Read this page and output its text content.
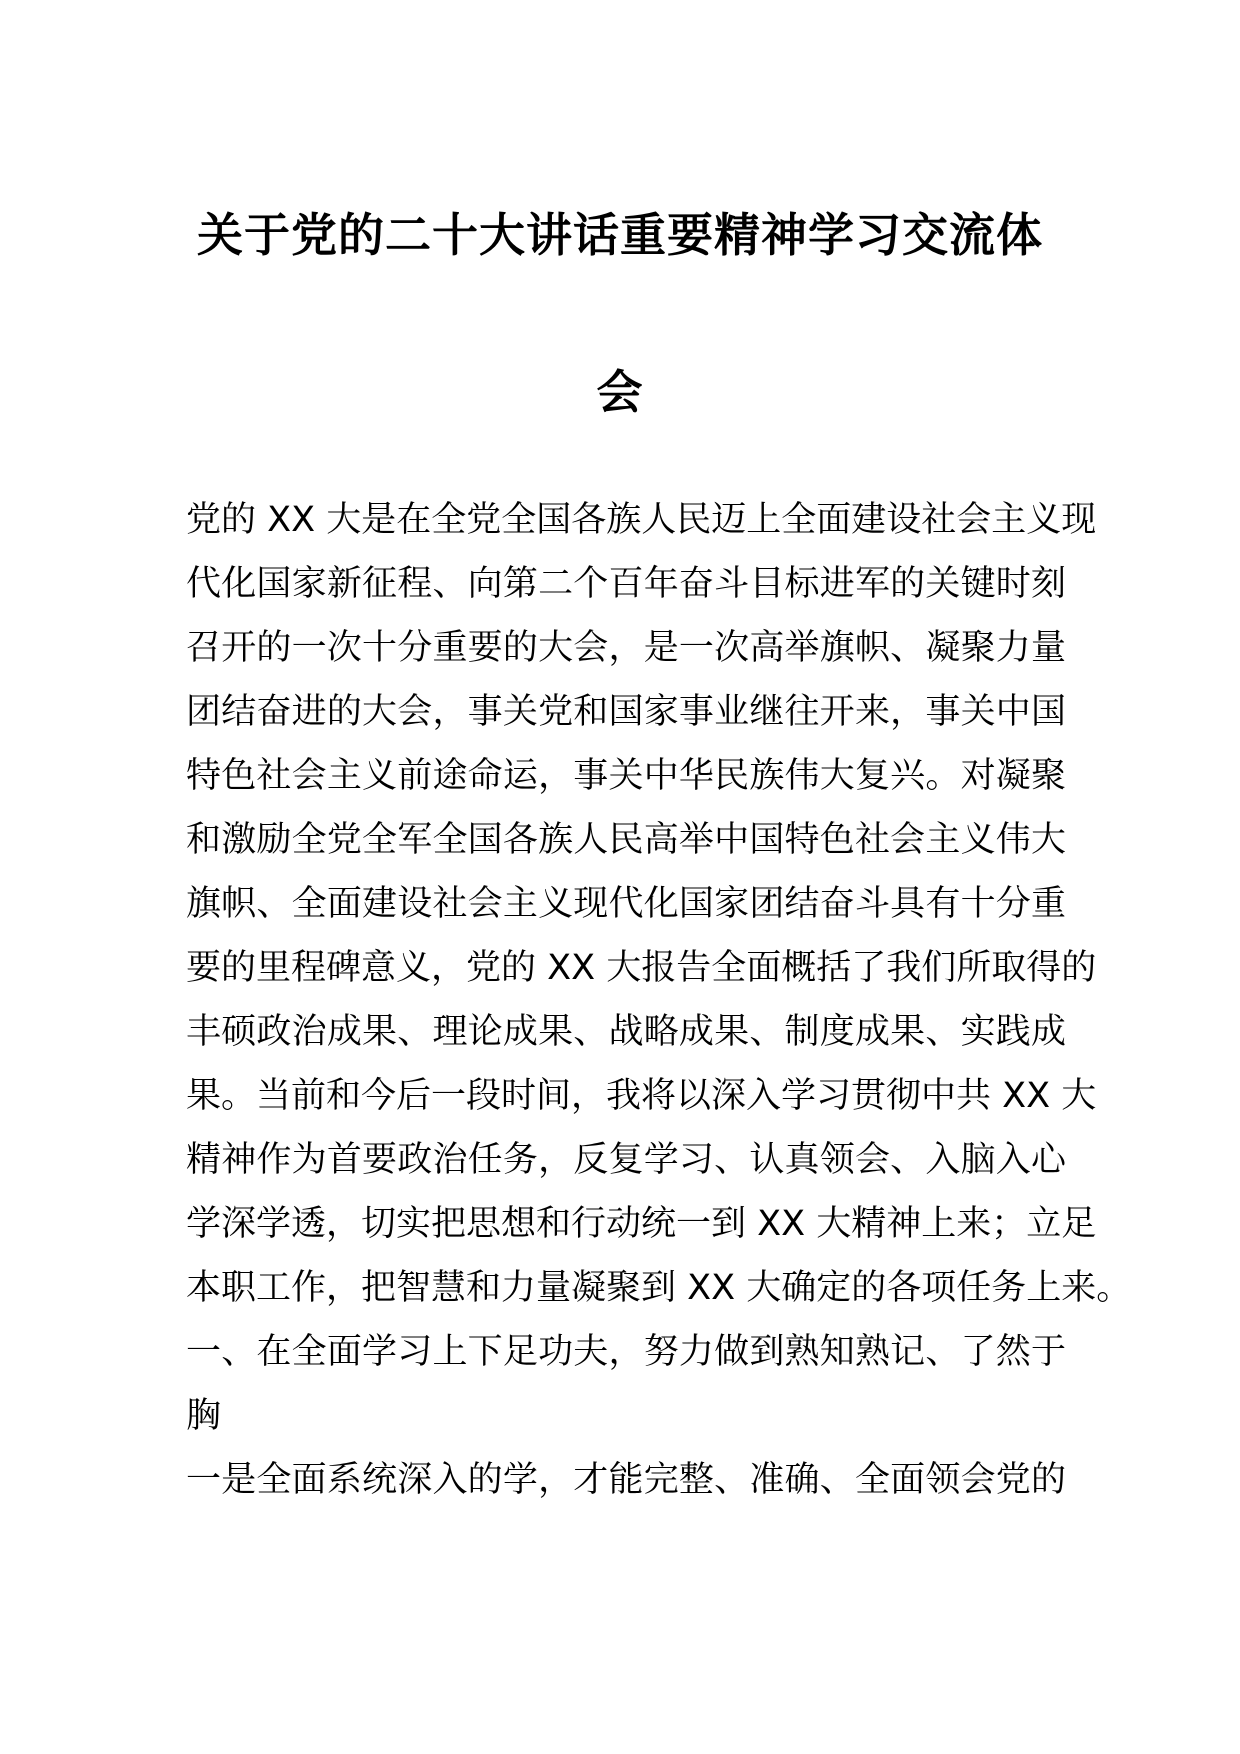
关于党的二十大讲话重要精神学习交流体
会

党的 XX 大是在全党全国各族人民迈上全面建设社会主义现

代化国家新征程、向第二个百年奋斗目标进军的关键时刻

召开的一次十分重要的大会，是一次高举旗帜、凝聚力量

团结奋进的大会，事关党和国家事业继往开来，事关中国

特色社会主义前途命运，事关中华民族伟大复兴。对凝聚

和激励全党全军全国各族人民高举中国特色社会主义伟大

旗帜、全面建设社会主义现代化国家团结奋斗具有十分重

要的里程碑意义，党的 XX 大报告全面概括了我们所取得的

丰硕政治成果、理论成果、战略成果、制度成果、实践成

果。当前和今后一段时间，我将以深入学习贯彻中共 XX 大

精神作为首要政治任务，反复学习、认真领会、入脑入心

学深学透，切实把思想和行动统一到 XX 大精神上来；立足

本职工作，把智慧和力量凝聚到 XX 大确定的各项任务上来。

一、在全面学习上下足功夫，努力做到熟知熟记、了然于

胸

一是全面系统深入的学，才能完整、准确、全面领会党的
